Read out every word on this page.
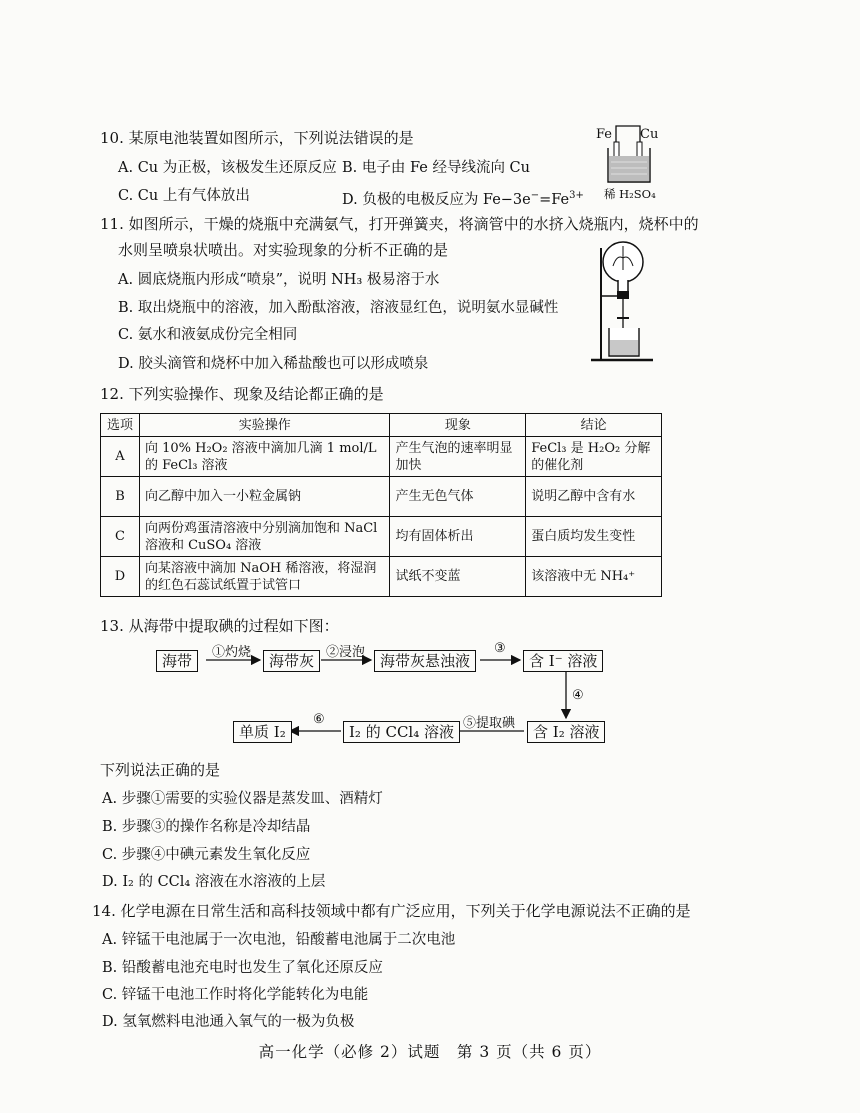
10. 某原电池装置如图所示，下列说法错误的是
A. Cu 为正极，该极发生还原反应 B. 电子由 Fe 经导线流向 Cu
C. Cu 上有气体放出	D. 负极的电极反应为 $Fe-3e^-=Fe^{3+}$
Fe Cu
稀 H₂SO₄
11. 如图所示，干燥的烧瓶中充满氨气，打开弹簧夹，将滴管中的水挤入烧瓶内，烧杯中的
水则呈喷泉状喷出。对实验现象的分析不正确的是
A. 圆底烧瓶内形成“喷泉”，说明 NH₃ 极易溶于水
B. 取出烧瓶中的溶液，加入酚酞溶液，溶液显红色，说明氨水显碱性
C. 氨水和液氨成份完全相同
D. 胶头滴管和烧杯中加入稀盐酸也可以形成喷泉
12. 下列实验操作、现象及结论都正确的是
选项	实验操作	现象	结论
A	向 10% H₂O₂ 溶液中滴加几滴 1 mol/L 的 FeCl₃ 溶液	产生气泡的速率明显加快	FeCl₃ 是 H₂O₂ 分解的催化剂
B	向乙醇中加入一小粒金属钠	产生无色气体	说明乙醇中含有水
C	向两份鸡蛋清溶液中分别滴加饱和 NaCl 溶液和 CuSO₄ 溶液	均有固体析出	蛋白质均发生变性
D	向某溶液中滴加 NaOH 稀溶液，将湿润的红色石蕊试纸置于试管口	试纸不变蓝	该溶液中无 NH₄⁺
13. 从海带中提取碘的过程如下图：
海带	海带灰	海带灰悬浊液	含 I⁻ 溶液
含 I₂ 溶液
I₂ 的 CCl₄ 溶液
单质 I₂
①灼烧	②浸泡	③
④
⑤提取碘
⑥
下列说法正确的是
A. 步骤①需要的实验仪器是蒸发皿、酒精灯
B. 步骤③的操作名称是冷却结晶
C. 步骤④中碘元素发生氧化反应
D. I₂ 的 CCl₄ 溶液在水溶液的上层
14. 化学电源在日常生活和高科技领域中都有广泛应用，下列关于化学电源说法不正确的是
A. 锌锰干电池属于一次电池，铅酸蓄电池属于二次电池
B. 铅酸蓄电池充电时也发生了氧化还原反应
C. 锌锰干电池工作时将化学能转化为电能
D. 氢氧燃料电池通入氧气的一极为负极
高一化学（必修 2）试题　第 3 页（共 6 页）
